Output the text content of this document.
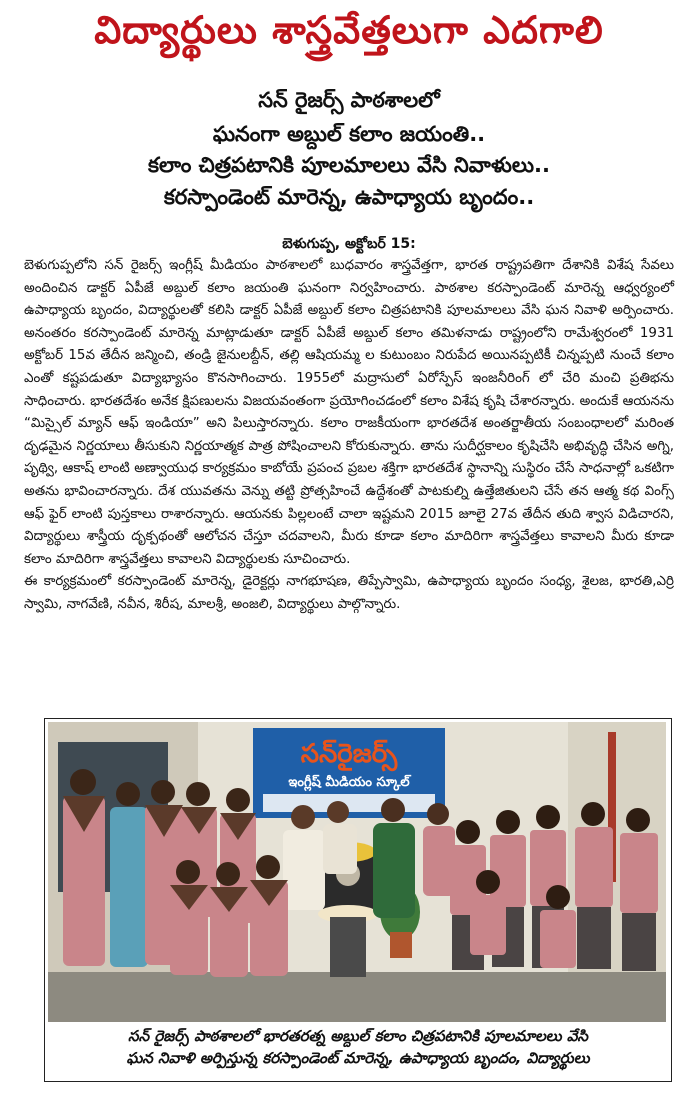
విద్యార్థులు శాస్త్రవేత్తలుగా ఎదగాలి
సన్ రైజర్స్ పాఠశాలలో
ఘనంగా అబ్దుల్ కలాం జయంతి..
కలాం చిత్రపటానికి పూలమాలలు వేసి నివాళులు..
కరస్పాండెంట్ మారెన్న, ఉపాధ్యాయ బృందం..
బెళుగుప్ప, అక్టోబర్ 15:

బెళుగుప్పలోని సన్ రైజర్స్ ఇంగ్లీష్ మీడియం పాఠశాలలో బుధవారం శాస్త్రవేత్తగా, భారత రాష్ట్రపతిగా దేశానికి విశేష సేవలు అందించిన డాక్టర్ ఏపీజే అబ్దుల్ కలాం జయంతి ఘనంగా నిర్వహించారు. పాఠశాల కరస్పాండెంట్ మారెన్న ఆధ్వర్యంలో ఉపాధ్యాయ బృందం, విద్యార్థులతో కలిసి డాక్టర్ ఏపీజే అబ్దుల్ కలాం చిత్రపటానికి పూలమాలలు వేసి ఘన నివాళి అర్పించారు. అనంతరం కరస్పాండెంట్ మారెన్న మాట్లాడుతూ డాక్టర్ ఏపీజే అబ్దుల్ కలాం తమిళనాడు రాష్ట్రంలోని రామేశ్వరంలో 1931 అక్టోబర్ 15వ తేదీన జన్మించి, తండ్రి జైనులబ్దీన్, తల్లి ఆషియమ్మ ల కుటుంబం నిరుపేద అయినప్పటికీ చిన్నప్పటి నుంచే కలాం ఎంతో కష్టపడుతూ విద్యాభ్యాసం కొనసాగించారు. 1955లో మద్రాసులో ఏరోస్పేస్ ఇంజనీరింగ్ లో చేరి మంచి ప్రతిభను సాధించారు. భారతదేశం అనేక క్షిపణులను విజయవంతంగా ప్రయోగించడంలో కలాం విశేష కృషి చేశారన్నారు. అందుకే ఆయనను “మిస్సైల్ మ్యాన్ ఆఫ్ ఇండియా” అని పిలుస్తారన్నారు. కలాం రాజకీయంగా భారతదేశ అంతర్జాతీయ సంబంధాలలో మరింత దృఢమైన నిర్ణయాలు తీసుకుని నిర్ణయాత్మక పాత్ర పోషించాలని కోరుకున్నారు. తాను సుదీర్ఘకాలం కృషిచేసి అభివృద్ధి చేసిన అగ్ని, పృథ్వి, ఆకాష్ లాంటి అణ్వాయుధ కార్యక్రమం కాబోయే ప్రపంచ ప్రబల శక్తిగా భారతదేశ స్థానాన్ని సుస్థిరం చేసే సాధనాల్లో ఒకటిగా అతను భావించారన్నారు. దేశ యువతను వెన్ను తట్టి ప్రోత్సహించే ఉద్దేశంతో పాటకుల్ని ఉత్తేజితులని చేసే తన ఆత్మ కథ వింగ్స్ ఆఫ్ ఫైర్ లాంటి పుస్తకాలు రాశారన్నారు. ఆయనకు పిల్లలంటే చాలా ఇష్టమని 2015 జూలై 27వ తేదీన తుది శ్వాస విడిచారని, విద్యార్థులు శాస్త్రీయ దృక్పథంతో ఆలోచన చేస్తూ చదవాలని, మీరు కూడా కలాం మాదిరిగా శాస్త్రవేత్తలు కావాలని మీరు కూడా కలాం మాదిరిగా శాస్త్రవేత్తలు కావాలని విద్యార్థులకు సూచించారు.

ఈ కార్యక్రమంలో కరస్పాండెంట్ మారెన్న, డైరెక్టర్లు నాగభూషణ, తిప్పేస్వామి, ఉపాధ్యాయ బృందం సంధ్య, శైలజ, భారతి,ఎర్రి స్వామి, నాగవేణి, నవీన, శిరీష, మాలశ్రీ, అంజలి, విద్యార్థులు పాల్గొన్నారు.

సన్‌రైజర్స్
ఇంగ్లీష్ మీడియం స్కూల్
సన్ రైజర్స్ పాఠశాలలో భారతరత్న అబ్దుల్ కలాం చిత్రపటానికి పూలమాలలు వేసి
ఘన నివాళి అర్పిస్తున్న కరస్పాండెంట్ మారెన్న, ఉపాధ్యాయ బృందం, విద్యార్థులు
